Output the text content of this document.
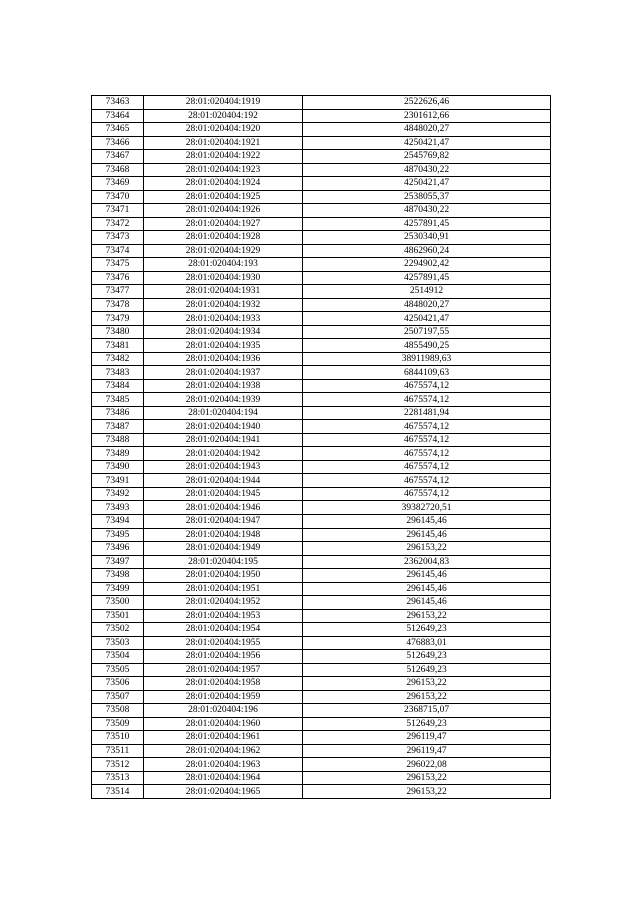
73463	28:01:020404:1919	2522626,46
73464	28:01:020404:192	2301612,66
73465	28:01:020404:1920	4848020,27
73466	28:01:020404:1921	4250421,47
73467	28:01:020404:1922	2545769,82
73468	28:01:020404:1923	4870430,22
73469	28:01:020404:1924	4250421,47
73470	28:01:020404:1925	2538055,37
73471	28:01:020404:1926	4870430,22
73472	28:01:020404:1927	4257891,45
73473	28:01:020404:1928	2530340,91
73474	28:01:020404:1929	4862960,24
73475	28:01:020404:193	2294902,42
73476	28:01:020404:1930	4257891,45
73477	28:01:020404:1931	2514912
73478	28:01:020404:1932	4848020,27
73479	28:01:020404:1933	4250421,47
73480	28:01:020404:1934	2507197,55
73481	28:01:020404:1935	4855490,25
73482	28:01:020404:1936	38911989,63
73483	28:01:020404:1937	6844109,63
73484	28:01:020404:1938	4675574,12
73485	28:01:020404:1939	4675574,12
73486	28:01:020404:194	2281481,94
73487	28:01:020404:1940	4675574,12
73488	28:01:020404:1941	4675574,12
73489	28:01:020404:1942	4675574,12
73490	28:01:020404:1943	4675574,12
73491	28:01:020404:1944	4675574,12
73492	28:01:020404:1945	4675574,12
73493	28:01:020404:1946	39382720,51
73494	28:01:020404:1947	296145,46
73495	28:01:020404:1948	296145,46
73496	28:01:020404:1949	296153,22
73497	28:01:020404:195	2362004,83
73498	28:01:020404:1950	296145,46
73499	28:01:020404:1951	296145,46
73500	28:01:020404:1952	296145,46
73501	28:01:020404:1953	296153,22
73502	28:01:020404:1954	512649,23
73503	28:01:020404:1955	476883,01
73504	28:01:020404:1956	512649,23
73505	28:01:020404:1957	512649,23
73506	28:01:020404:1958	296153,22
73507	28:01:020404:1959	296153,22
73508	28:01:020404:196	2368715,07
73509	28:01:020404:1960	512649,23
73510	28:01:020404:1961	296119,47
73511	28:01:020404:1962	296119,47
73512	28:01:020404:1963	296022,08
73513	28:01:020404:1964	296153,22
73514	28:01:020404:1965	296153,22
